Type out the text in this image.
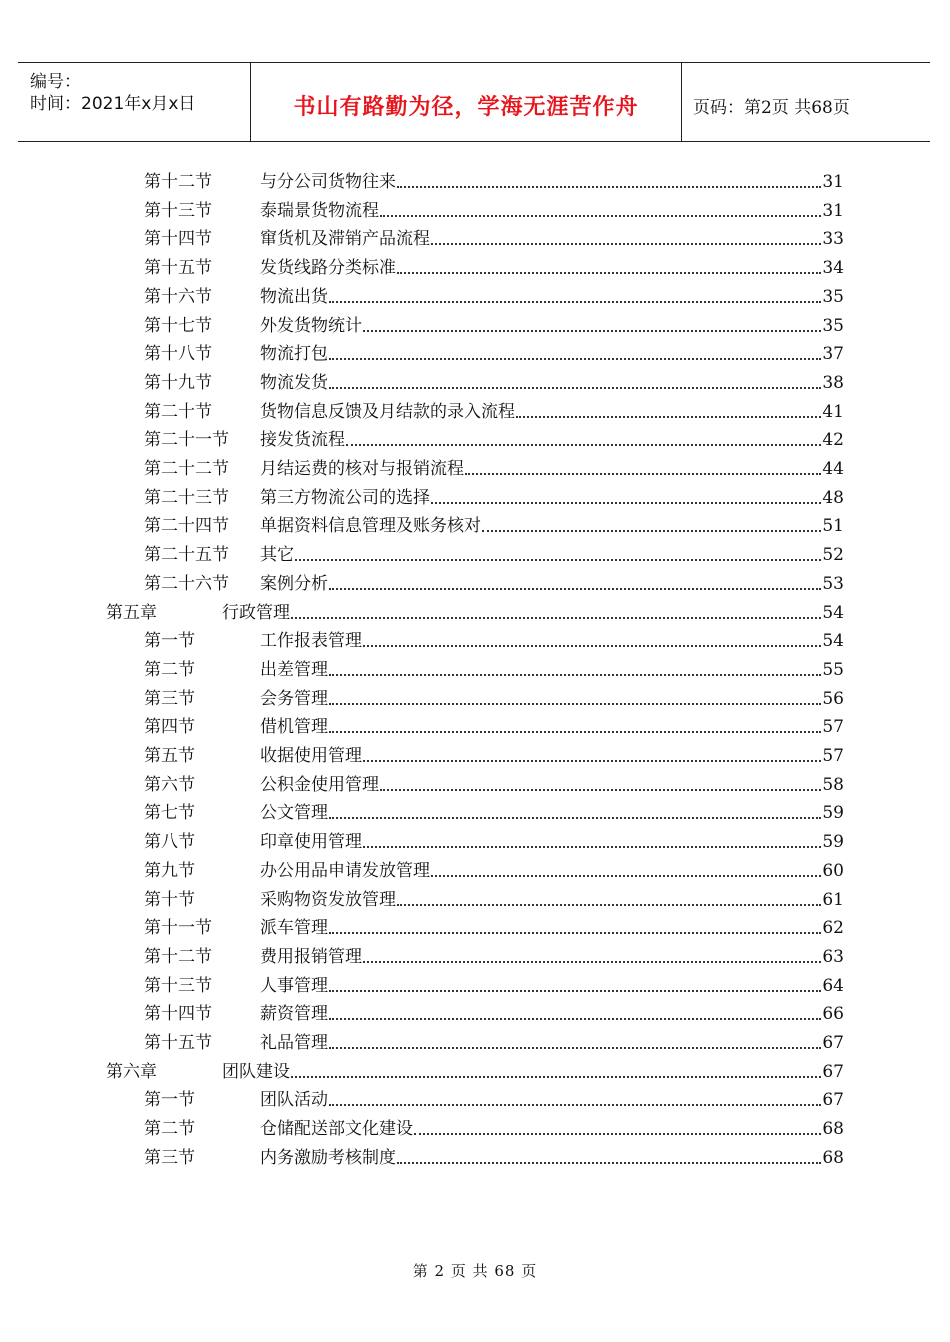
编号：
时间：2021年x月x日	书山有路勤为径，学海无涯苦作舟	页码：第2页 共68页
第十二节	与分公司货物往来	31
第十三节	泰瑞景货物流程	31
第十四节	窜货机及滞销产品流程	33
第十五节	发货线路分类标准	34
第十六节	物流出货	35
第十七节	外发货物统计	35
第十八节	物流打包	37
第十九节	物流发货	38
第二十节	货物信息反馈及月结款的录入流程	41
第二十一节	接发货流程	42
第二十二节	月结运费的核对与报销流程	44
第二十三节	第三方物流公司的选择	48
第二十四节	单据资料信息管理及账务核对	51
第二十五节	其它	52
第二十六节	案例分析	53
第五章	行政管理	54
第一节	工作报表管理	54
第二节	出差管理	55
第三节	会务管理	56
第四节	借机管理	57
第五节	收据使用管理	57
第六节	公积金使用管理	58
第七节	公文管理	59
第八节	印章使用管理	59
第九节	办公用品申请发放管理	60
第十节	采购物资发放管理	61
第十一节	派车管理	62
第十二节	费用报销管理	63
第十三节	人事管理	64
第十四节	薪资管理	66
第十五节	礼品管理	67
第六章	团队建设	67
第一节	团队活动	67
第二节	仓储配送部文化建设	68
第三节	内务激励考核制度	68
第 2 页 共 68 页
